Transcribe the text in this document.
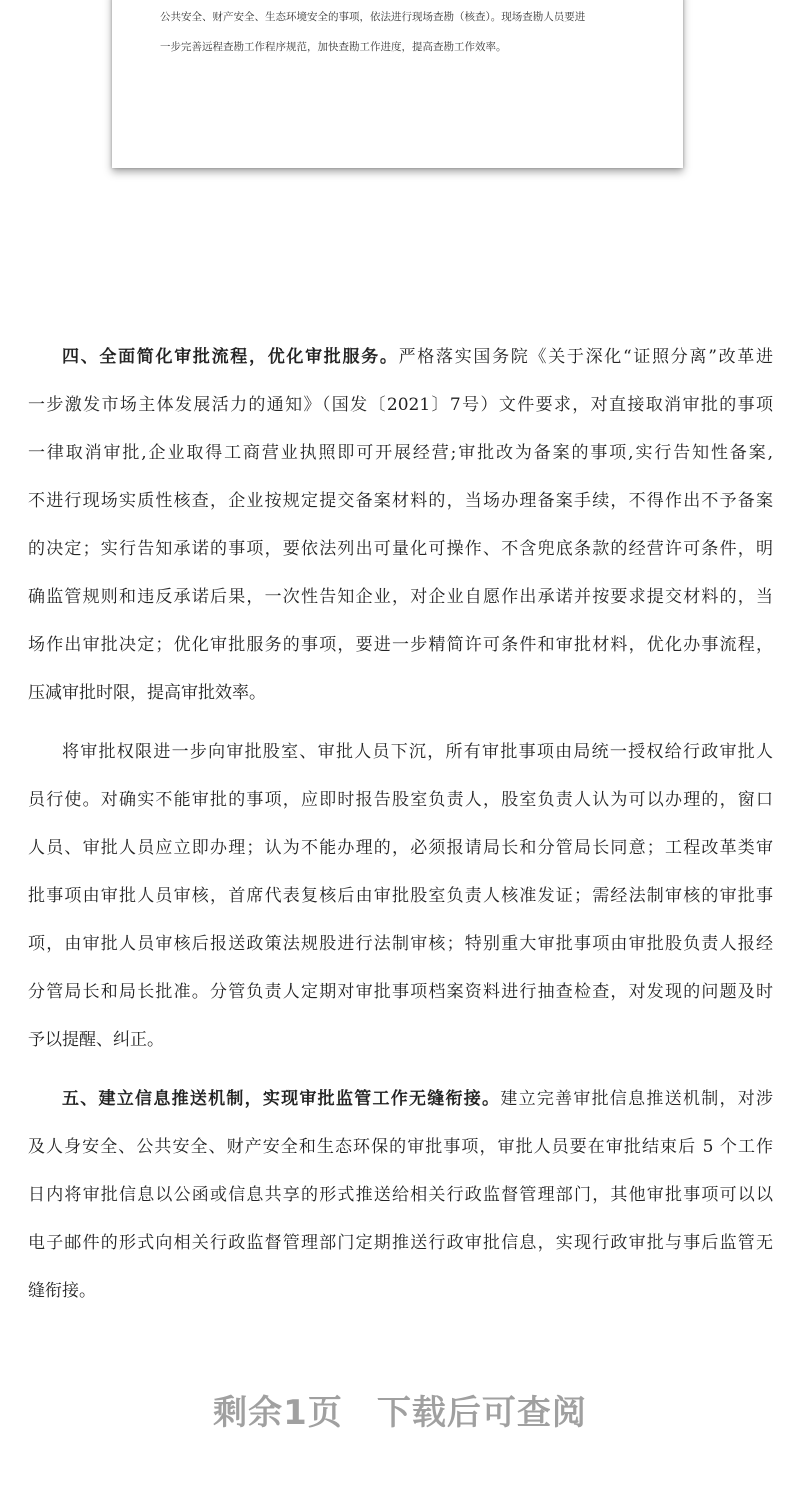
公共安全、财产安全、生态环境安全的事项，依法进行现场查勘（核查）。现场查勘人员要进
一步完善远程查勘工作程序规范，加快查勘工作进度，提高查勘工作效率。
四、全面简化审批流程，优化审批服务。严格落实国务院《关于深化“证照分离”改革进
一步激发市场主体发展活力的通知》（国发〔2021〕7号）文件要求，对直接取消审批的事项
一律取消审批,企业取得工商营业执照即可开展经营;审批改为备案的事项,实行告知性备案,
不进行现场实质性核查，企业按规定提交备案材料的，当场办理备案手续，不得作出不予备案
的决定；实行告知承诺的事项，要依法列出可量化可操作、不含兜底条款的经营许可条件，明
确监管规则和违反承诺后果，一次性告知企业，对企业自愿作出承诺并按要求提交材料的，当
场作出审批决定；优化审批服务的事项，要进一步精简许可条件和审批材料，优化办事流程，
压减审批时限，提高审批效率。
将审批权限进一步向审批股室、审批人员下沉，所有审批事项由局统一授权给行政审批人
员行使。对确实不能审批的事项，应即时报告股室负责人，股室负责人认为可以办理的，窗口
人员、审批人员应立即办理；认为不能办理的，必须报请局长和分管局长同意；工程改革类审
批事项由审批人员审核，首席代表复核后由审批股室负责人核准发证；需经法制审核的审批事
项，由审批人员审核后报送政策法规股进行法制审核；特别重大审批事项由审批股负责人报经
分管局长和局长批准。分管负责人定期对审批事项档案资料进行抽查检查，对发现的问题及时
予以提醒、纠正。
五、建立信息推送机制，实现审批监管工作无缝衔接。建立完善审批信息推送机制，对涉
及人身安全、公共安全、财产安全和生态环保的审批事项，审批人员要在审批结束后 5 个工作
日内将审批信息以公函或信息共享的形式推送给相关行政监督管理部门，其他审批事项可以以
电子邮件的形式向相关行政监督管理部门定期推送行政审批信息，实现行政审批与事后监管无
缝衔接。
剩余1页 下载后可查阅
